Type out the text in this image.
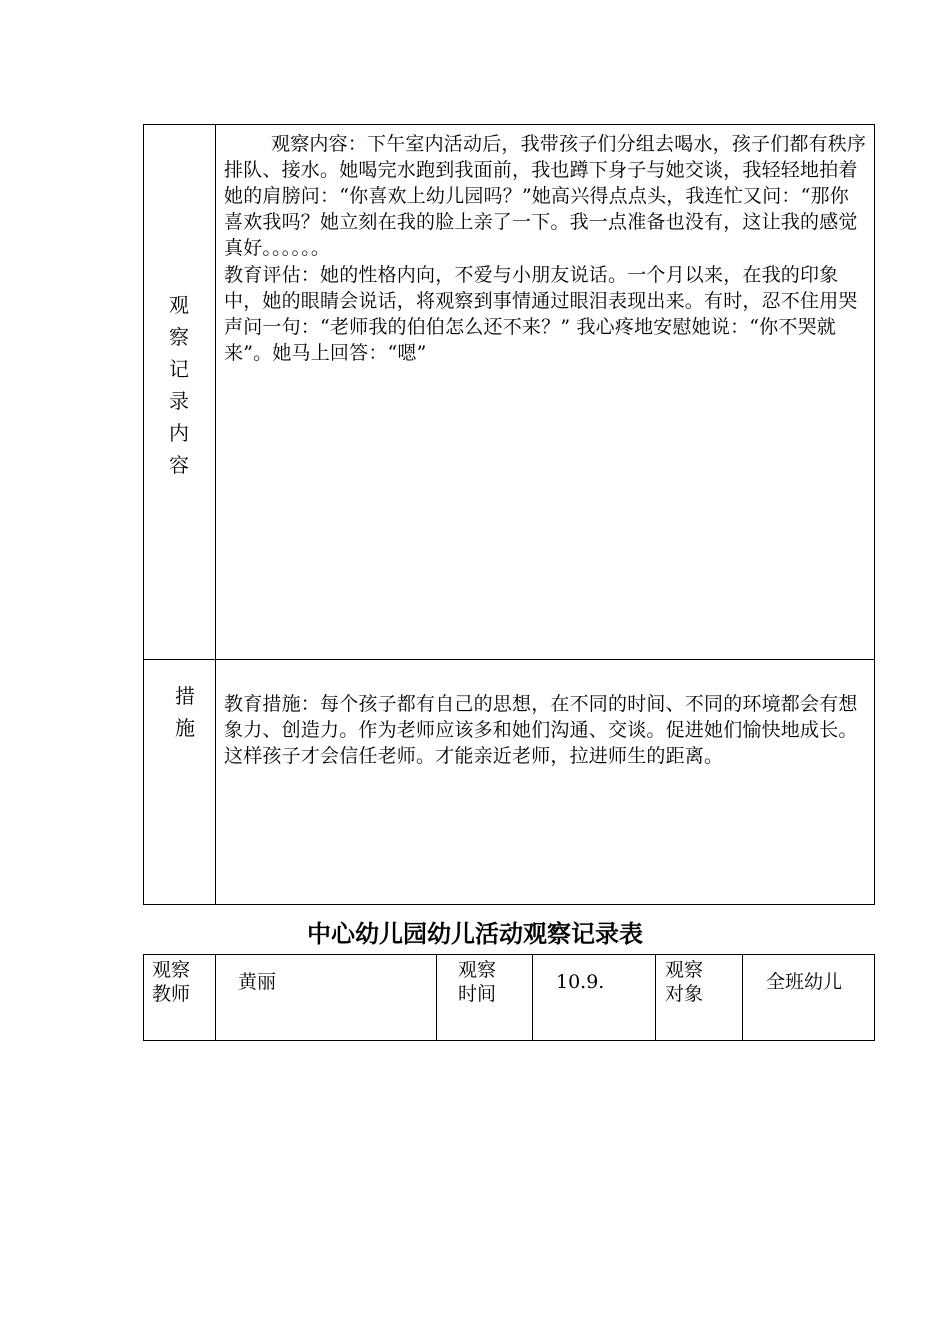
观察记录内容
观察内容：下午室内活动后，我带孩子们分组去喝水，孩子们都有秩序排队、接水。她喝完水跑到我面前，我也蹲下身子与她交谈，我轻轻地拍着她的肩膀问：“你喜欢上幼儿园吗？”她高兴得点点头，我连忙又问：“那你喜欢我吗？她立刻在我的脸上亲了一下。我一点准备也没有，这让我的感觉真好。。。。。。
教育评估：她的性格内向，不爱与小朋友说话。一个月以来，在我的印象中，她的眼睛会说话，将观察到事情通过眼泪表现出来。有时，忍不住用哭声问一句：“老师我的伯伯怎么还不来？” 我心疼地安慰她说：“你不哭就来”。她马上回答：“嗯”
措施
教育措施：每个孩子都有自己的思想，在不同的时间、不同的环境都会有想象力、创造力。作为老师应该多和她们沟通、交谈。促进她们愉快地成长。这样孩子才会信任老师。才能亲近老师，拉进师生的距离。
中心幼儿园幼儿活动观察记录表
观察教师
黄丽
观察时间
10.9.
观察对象
全班幼儿
